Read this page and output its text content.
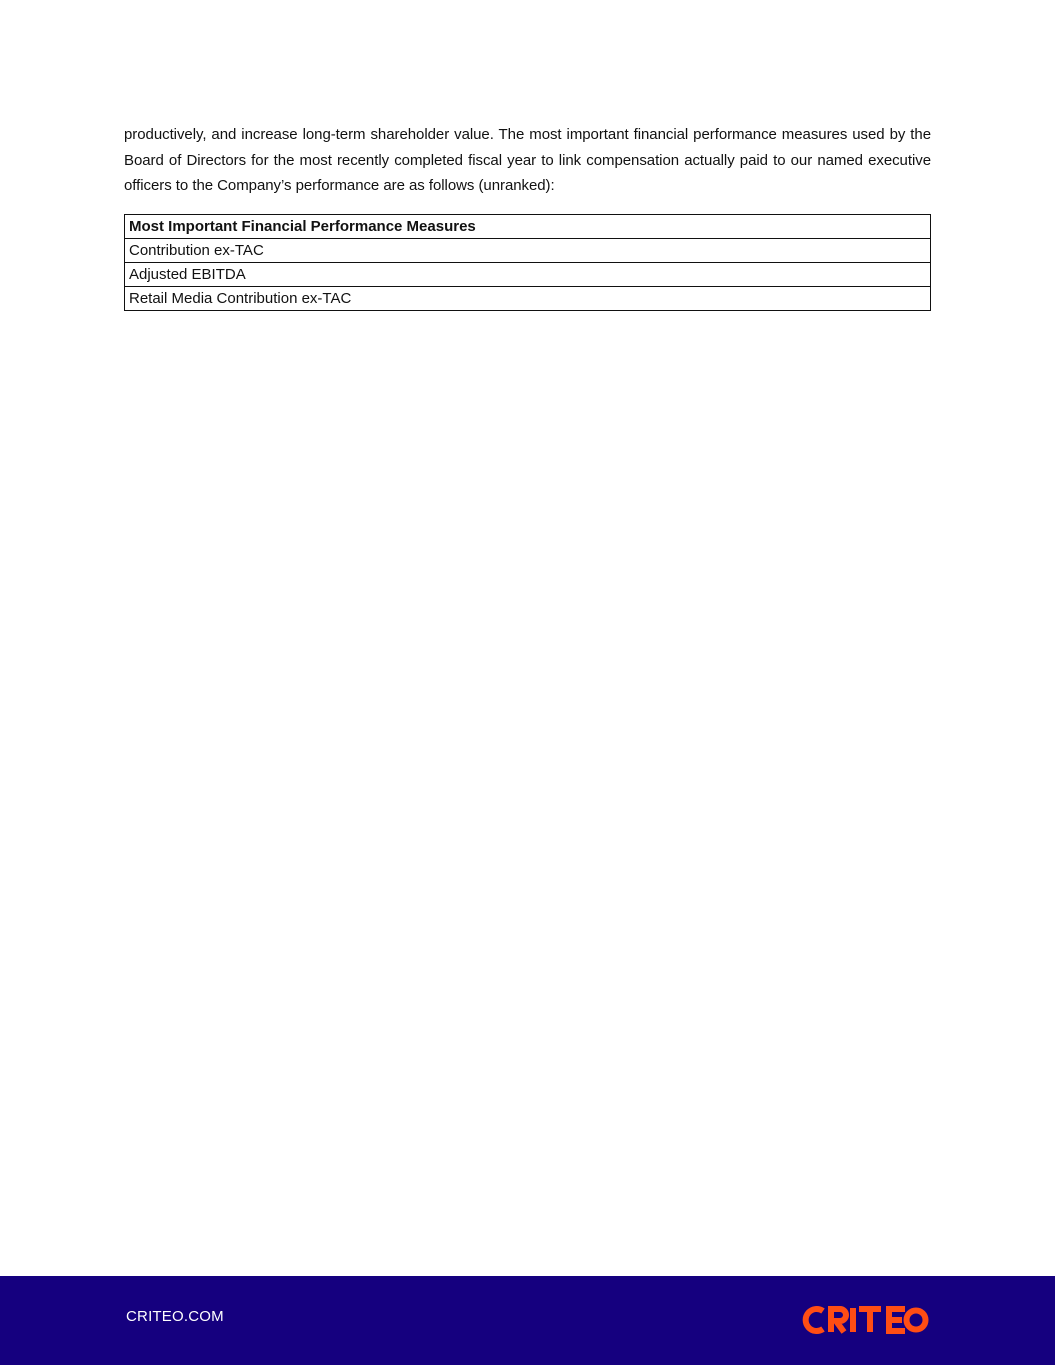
productively, and increase long-term shareholder value. The most important financial performance measures used by the Board of Directors for the most recently completed fiscal year to link compensation actually paid to our named executive officers to the Company’s performance are as follows (unranked):

Most Important Financial Performance Measures
Contribution ex-TAC
Adjusted EBITDA
Retail Media Contribution ex-TAC
CRITEO.COM
